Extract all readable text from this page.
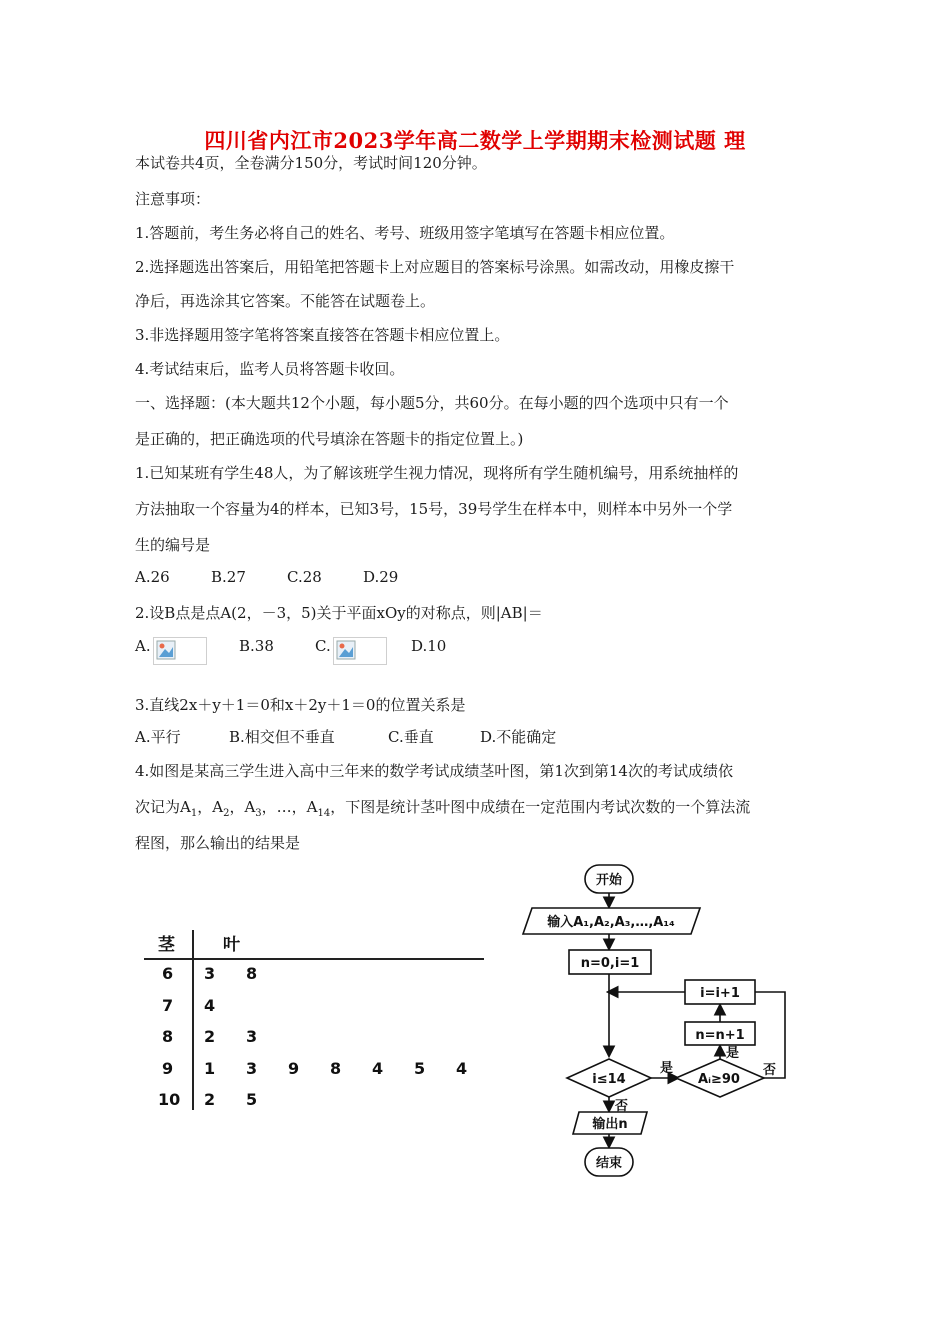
四川省内江市2023学年高二数学上学期期末检测试题 理
本试卷共4页，全卷满分150分，考试时间120分钟。
注意事项：
1.答题前，考生务必将自己的姓名、考号、班级用签字笔填写在答题卡相应位置。
2.选择题选出答案后，用铅笔把答题卡上对应题目的答案标号涂黑。如需改动，用橡皮擦干
净后，再选涂其它答案。不能答在试题卷上。
3.非选择题用签字笔将答案直接答在答题卡相应位置上。
4.考试结束后，监考人员将答题卡收回。
一、选择题：(本大题共12个小题，每小题5分，共60分。在每小题的四个选项中只有一个
是正确的，把正确选项的代号填涂在答题卡的指定位置上。)
1.已知某班有学生48人，为了解该班学生视力情况，现将所有学生随机编号，用系统抽样的
方法抽取一个容量为4的样本，已知3号，15号，39号学生在样本中，则样本中另外一个学
生的编号是
A.26	B.27	C.28	D.29
2.设B点是点A(2，－3，5)关于平面xOy的对称点，则|AB|＝
A.	B.38	C.	D.10
3.直线2x＋y＋1＝0和x＋2y＋1＝0的位置关系是
A.平行	B.相交但不垂直	C.垂直	D.不能确定
4.如图是某高三学生进入高中三年来的数学考试成绩茎叶图，第1次到第14次的考试成绩依
次记为$A_1$，$A_2$，$A_3$，…，$A_{14}$，下图是统计茎叶图中成绩在一定范围内考试次数的一个算法流
程图，那么输出的结果是
茎	叶
6 3 8
7 4
8 2 3
9 1 3 9 8 4 5 4
10 2 5
开始
输入A₁,A₂,A₃,…,A₁₄
n=0,i=1
i=i+1
n=n+1
i≤14	Aᵢ≥90
是
是
否
否
输出n
结束
